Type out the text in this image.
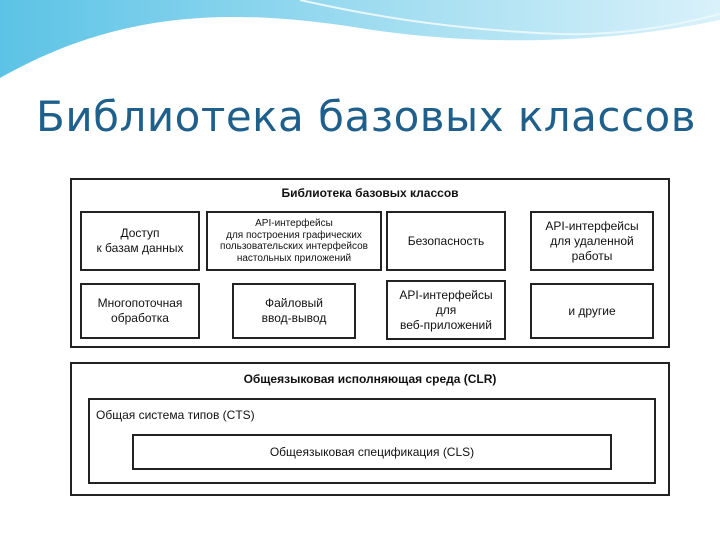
Библиотека базовых классов
Библиотека базовых классов
Доступ
к базам данных
API-интерфейсы
для построения графических
пользовательских интерфейсов
настольных приложений
Безопасность
API-интерфейсы
для удаленной
работы
Многопоточная
обработка
Файловый
ввод-вывод
API-интерфейсы
для
веб-приложений
и другие
Общеязыковая исполняющая среда (CLR)
Общая система типов (CTS)
Общеязыковая спецификация (CLS)
